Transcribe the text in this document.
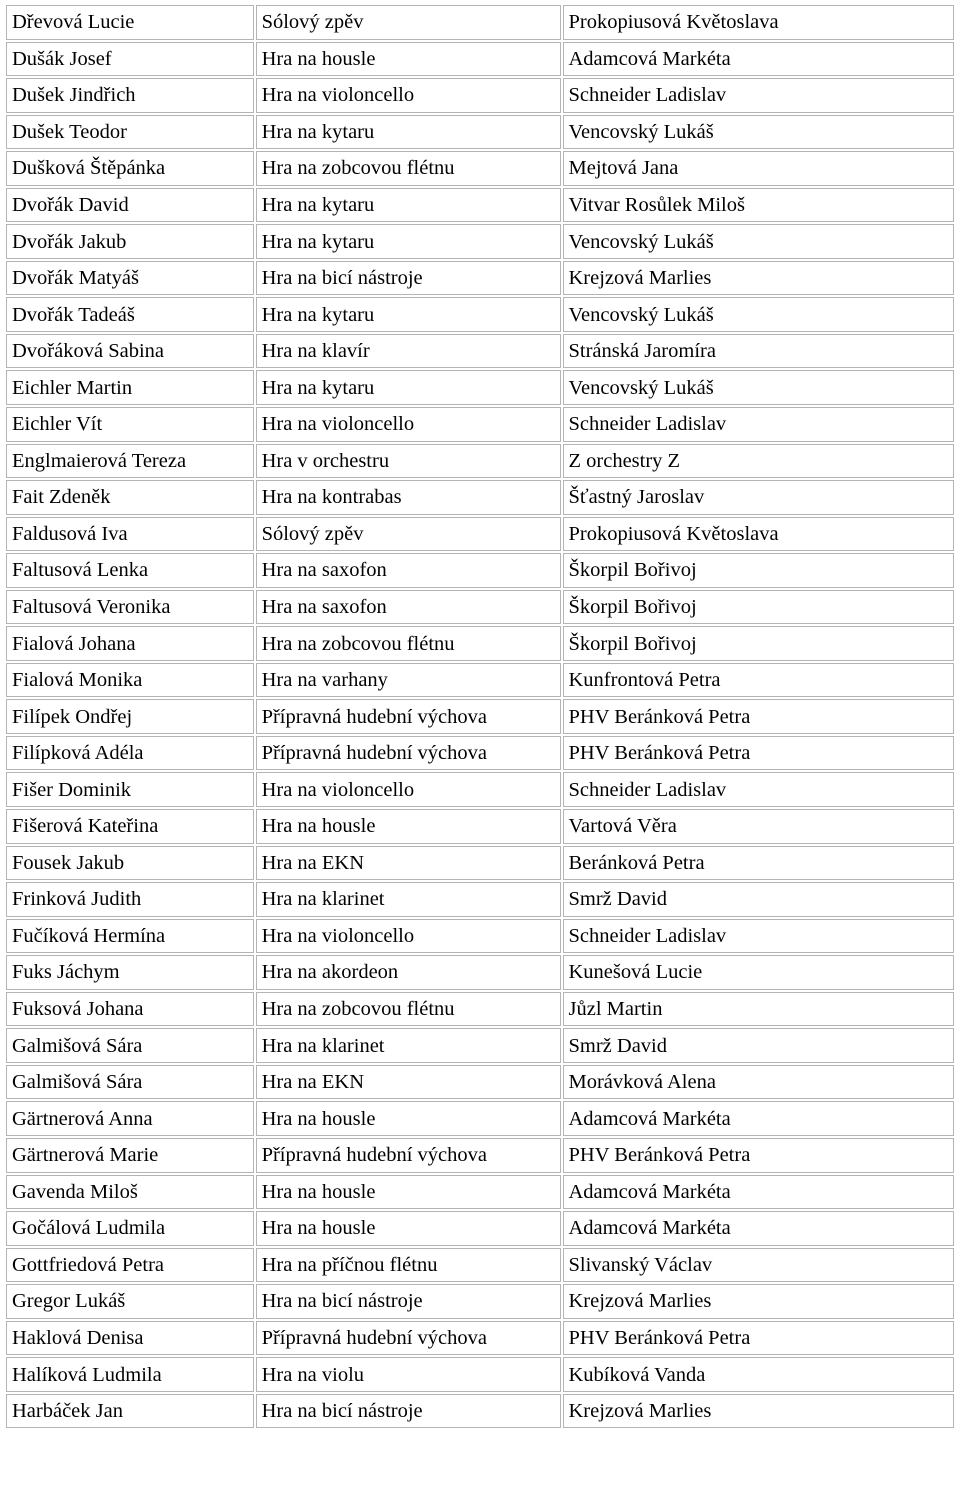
Dřevová Lucie	Sólový zpěv	Prokopiusová Květoslava
Dušák Josef	Hra na housle	Adamcová Markéta
Dušek Jindřich	Hra na violoncello	Schneider Ladislav
Dušek Teodor	Hra na kytaru	Vencovský Lukáš
Dušková Štěpánka	Hra na zobcovou flétnu	Mejtová Jana
Dvořák David	Hra na kytaru	Vitvar Rosůlek Miloš
Dvořák Jakub	Hra na kytaru	Vencovský Lukáš
Dvořák Matyáš	Hra na bicí nástroje	Krejzová Marlies
Dvořák Tadeáš	Hra na kytaru	Vencovský Lukáš
Dvořáková Sabina	Hra na klavír	Stránská Jaromíra
Eichler Martin	Hra na kytaru	Vencovský Lukáš
Eichler Vít	Hra na violoncello	Schneider Ladislav
Englmaierová Tereza	Hra v orchestru	Z orchestry Z
Fait Zdeněk	Hra na kontrabas	Šťastný Jaroslav
Faldusová Iva	Sólový zpěv	Prokopiusová Květoslava
Faltusová Lenka	Hra na saxofon	Škorpil Bořivoj
Faltusová Veronika	Hra na saxofon	Škorpil Bořivoj
Fialová Johana	Hra na zobcovou flétnu	Škorpil Bořivoj
Fialová Monika	Hra na varhany	Kunfrontová Petra
Filípek Ondřej	Přípravná hudební výchova	PHV Beránková Petra
Filípková Adéla	Přípravná hudební výchova	PHV Beránková Petra
Fišer Dominik	Hra na violoncello	Schneider Ladislav
Fišerová Kateřina	Hra na housle	Vartová Věra
Fousek Jakub	Hra na EKN	Beránková Petra
Frinková Judith	Hra na klarinet	Smrž David
Fučíková Hermína	Hra na violoncello	Schneider Ladislav
Fuks Jáchym	Hra na akordeon	Kunešová Lucie
Fuksová Johana	Hra na zobcovou flétnu	Jůzl Martin
Galmišová Sára	Hra na klarinet	Smrž David
Galmišová Sára	Hra na EKN	Morávková Alena
Gärtnerová Anna	Hra na housle	Adamcová Markéta
Gärtnerová Marie	Přípravná hudební výchova	PHV Beránková Petra
Gavenda Miloš	Hra na housle	Adamcová Markéta
Gočálová Ludmila	Hra na housle	Adamcová Markéta
Gottfriedová Petra	Hra na příčnou flétnu	Slivanský Václav
Gregor Lukáš	Hra na bicí nástroje	Krejzová Marlies
Haklová Denisa	Přípravná hudební výchova	PHV Beránková Petra
Halíková Ludmila	Hra na violu	Kubíková Vanda
Harbáček Jan	Hra na bicí nástroje	Krejzová Marlies
